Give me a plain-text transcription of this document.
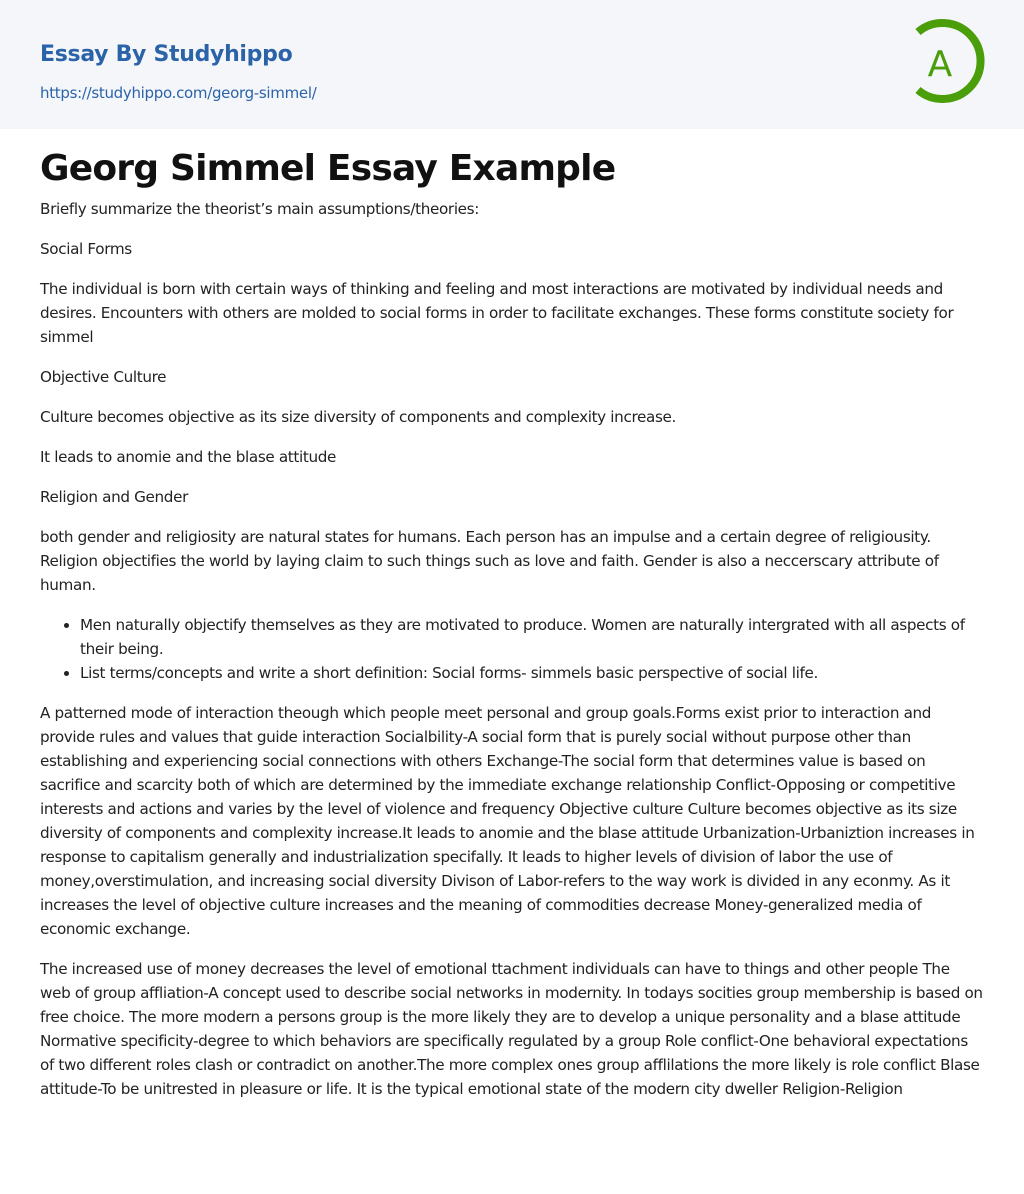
Essay By Studyhippo
https://studyhippo.com/georg-simmel/
A
Georg Simmel Essay Example

Briefly summarize the theorist’s main assumptions/theories:

Social Forms

The individual is born with certain ways of thinking and feeling and most interactions are motivated by individual needs and desires. Encounters with others are molded to social forms in order to facilitate exchanges. These forms constitute society for simmel

Objective Culture

Culture becomes objective as its size diversity of components and complexity increase.

It leads to anomie and the blase attitude

Religion and Gender

both gender and religiosity are natural states for humans. Each person has an impulse and a certain degree of religiousity. Religion objectifies the world by laying claim to such things such as love and faith. Gender is also a neccerscary attribute of human.

• Men naturally objectify themselves as they are motivated to produce. Women are naturally intergrated with all aspects of their being.
• List terms/concepts and write a short definition: Social forms- simmels basic perspective of social life.

A patterned mode of interaction theough which people meet personal and group goals.Forms exist prior to interaction and provide rules and values that guide interaction Socialbility-A social form that is purely social without purpose other than establishing and experiencing social connections with others Exchange-The social form that determines value is based on sacrifice and scarcity both of which are determined by the immediate exchange relationship Conflict-Opposing or competitive interests and actions and varies by the level of violence and frequency Objective culture Culture becomes objective as its size diversity of components and complexity increase.It leads to anomie and the blase attitude Urbanization-Urbaniztion increases in response to capitalism generally and industrialization specifally. It leads to higher levels of division of labor the use of money,overstimulation, and increasing social diversity Divison of Labor-refers to the way work is divided in any econmy. As it increases the level of objective culture increases and the meaning of commodities decrease Money-generalized media of economic exchange.

The increased use of money decreases the level of emotional ttachment individuals can have to things and other people The web of group affliation-A concept used to describe social networks in modernity. In todays socities group membership is based on free choice. The more modern a persons group is the more likely they are to develop a unique personality and a blase attitude Normative specificity-degree to which behaviors are specifically regulated by a group Role conflict-One behavioral expectations of two different roles clash or contradict on another.The more complex ones group afflilations the more likely is role conflict Blase attitude-To be unitrested in pleasure or life. It is the typical emotional state of the modern city dweller Religion-Religion
